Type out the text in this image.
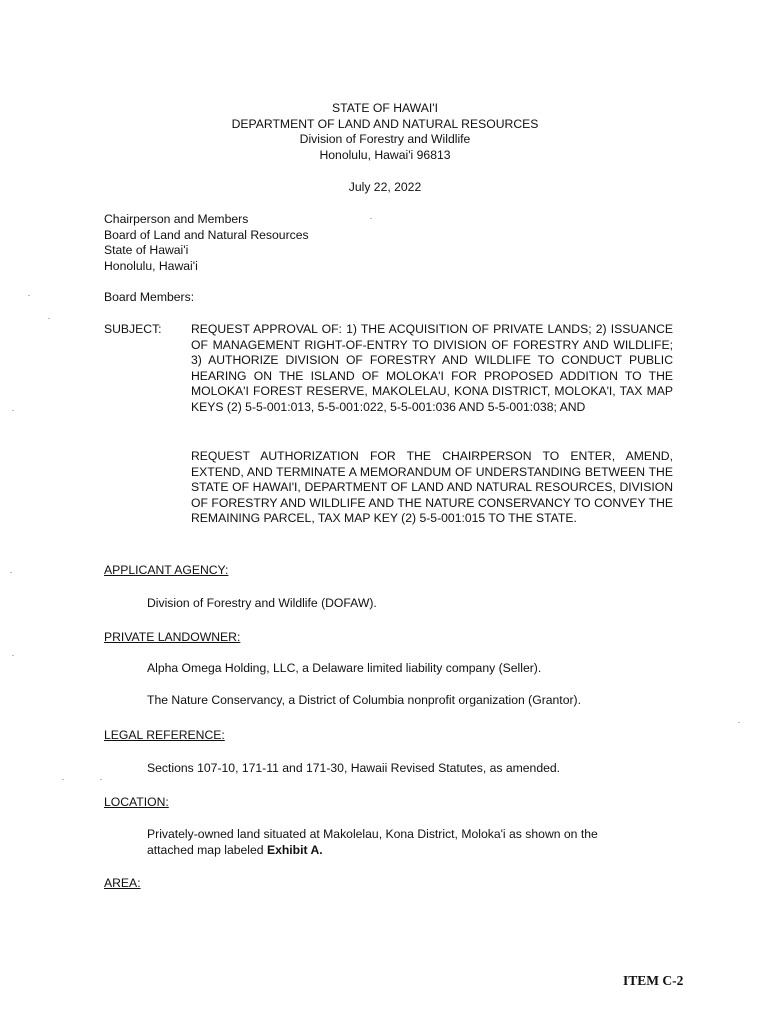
STATE OF HAWAI'I
DEPARTMENT OF LAND AND NATURAL RESOURCES
Division of Forestry and Wildlife
Honolulu, Hawai'i 96813
July 22, 2022
Chairperson and Members
Board of Land and Natural Resources
State of Hawai'i
Honolulu, Hawai'i
Board Members:
SUBJECT: REQUEST APPROVAL OF: 1) THE ACQUISITION OF PRIVATE LANDS; 2) ISSUANCE OF MANAGEMENT RIGHT-OF-ENTRY TO DIVISION OF FORESTRY AND WILDLIFE; 3) AUTHORIZE DIVISION OF FORESTRY AND WILDLIFE TO CONDUCT PUBLIC HEARING ON THE ISLAND OF MOLOKA'I FOR PROPOSED ADDITION TO THE MOLOKA'I FOREST RESERVE, MAKOLELAU, KONA DISTRICT, MOLOKA'I, TAX MAP KEYS (2) 5-5-001:013, 5-5-001:022, 5-5-001:036 AND 5-5-001:038; AND
REQUEST AUTHORIZATION FOR THE CHAIRPERSON TO ENTER, AMEND, EXTEND, AND TERMINATE A MEMORANDUM OF UNDERSTANDING BETWEEN THE STATE OF HAWAI'I, DEPARTMENT OF LAND AND NATURAL RESOURCES, DIVISION OF FORESTRY AND WILDLIFE AND THE NATURE CONSERVANCY TO CONVEY THE REMAINING PARCEL, TAX MAP KEY (2) 5-5-001:015 TO THE STATE.
APPLICANT AGENCY:
Division of Forestry and Wildlife (DOFAW).
PRIVATE LANDOWNER:
Alpha Omega Holding, LLC, a Delaware limited liability company (Seller).
The Nature Conservancy, a District of Columbia nonprofit organization (Grantor).
LEGAL REFERENCE:
Sections 107-10, 171-11 and 171-30, Hawaii Revised Statutes, as amended.
LOCATION:
Privately-owned land situated at Makolelau, Kona District, Moloka'i as shown on the attached map labeled Exhibit A.
AREA:
ITEM C-2
